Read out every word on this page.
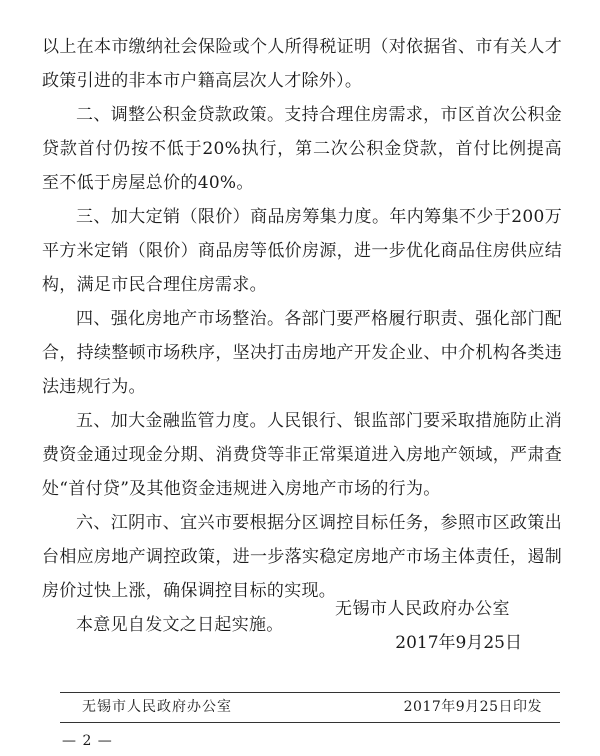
以上在本市缴纳社会保险或个人所得税证明（对依据省、市有关人才政策引进的非本市户籍高层次人才除外）。

二、调整公积金贷款政策。支持合理住房需求，市区首次公积金贷款首付仍按不低于20%执行，第二次公积金贷款，首付比例提高至不低于房屋总价的40%。

三、加大定销（限价）商品房筹集力度。年内筹集不少于200万平方米定销（限价）商品房等低价房源，进一步优化商品住房供应结构，满足市民合理住房需求。

四、强化房地产市场整治。各部门要严格履行职责、强化部门配合，持续整顿市场秩序，坚决打击房地产开发企业、中介机构各类违法违规行为。

五、加大金融监管力度。人民银行、银监部门要采取措施防止消费资金通过现金分期、消费贷等非正常渠道进入房地产领域，严肃查处“首付贷”及其他资金违规进入房地产市场的行为。

六、江阴市、宜兴市要根据分区调控目标任务，参照市区政策出台相应房地产调控政策，进一步落实稳定房地产市场主体责任，遏制房价过快上涨，确保调控目标的实现。

本意见自发文之日起实施。

无锡市人民政府办公室
2017年9月25日
无锡市人民政府办公室	2017年9月25日印发
— 2 —
